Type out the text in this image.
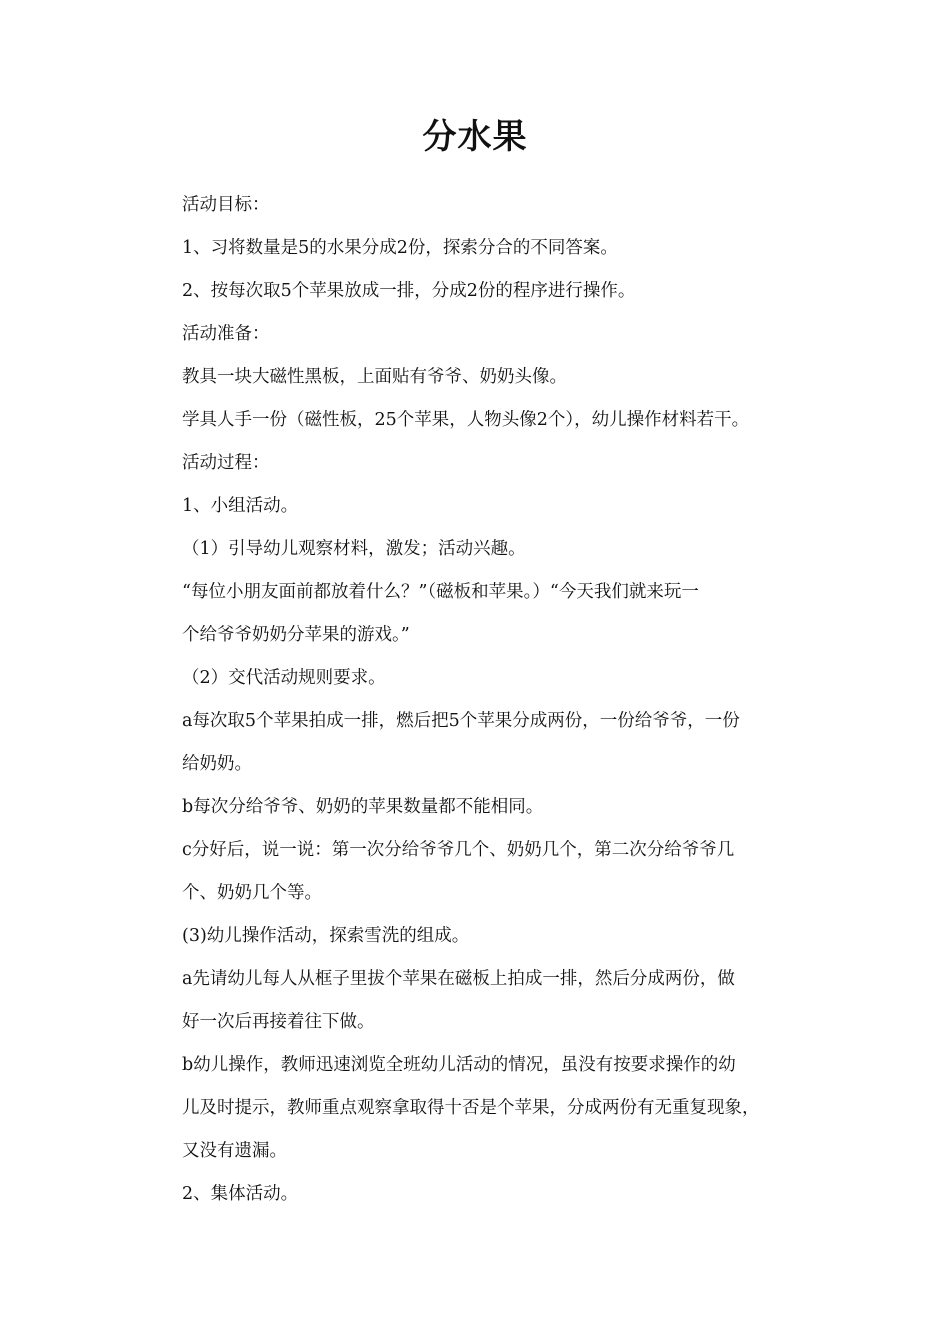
分水果
活动目标：
1、习将数量是5的水果分成2份，探索分合的不同答案。
2、按每次取5个苹果放成一排，分成2份的程序进行操作。
活动准备：
教具一块大磁性黑板，上面贴有爷爷、奶奶头像。
学具人手一份（磁性板，25个苹果，人物头像2个），幼儿操作材料若干。
活动过程：
1、小组活动。
（1）引导幼儿观察材料，激发；活动兴趣。
“每位小朋友面前都放着什么？”（磁板和苹果。）“今天我们就来玩一
个给爷爷奶奶分苹果的游戏。”
（2）交代活动规则要求。
a每次取5个苹果拍成一排，燃后把5个苹果分成两份，一份给爷爷，一份
给奶奶。
b每次分给爷爷、奶奶的苹果数量都不能相同。
c分好后，说一说：第一次分给爷爷几个、奶奶几个，第二次分给爷爷几
个、奶奶几个等。
(3)幼儿操作活动，探索雪洗的组成。
a先请幼儿每人从框子里拔个苹果在磁板上拍成一排，然后分成两份，做
好一次后再接着往下做。
b幼儿操作，教师迅速浏览全班幼儿活动的情况，虽没有按要求操作的幼
儿及时提示，教师重点观察拿取得十否是个苹果，分成两份有无重复现象，
又没有遗漏。
2、集体活动。
